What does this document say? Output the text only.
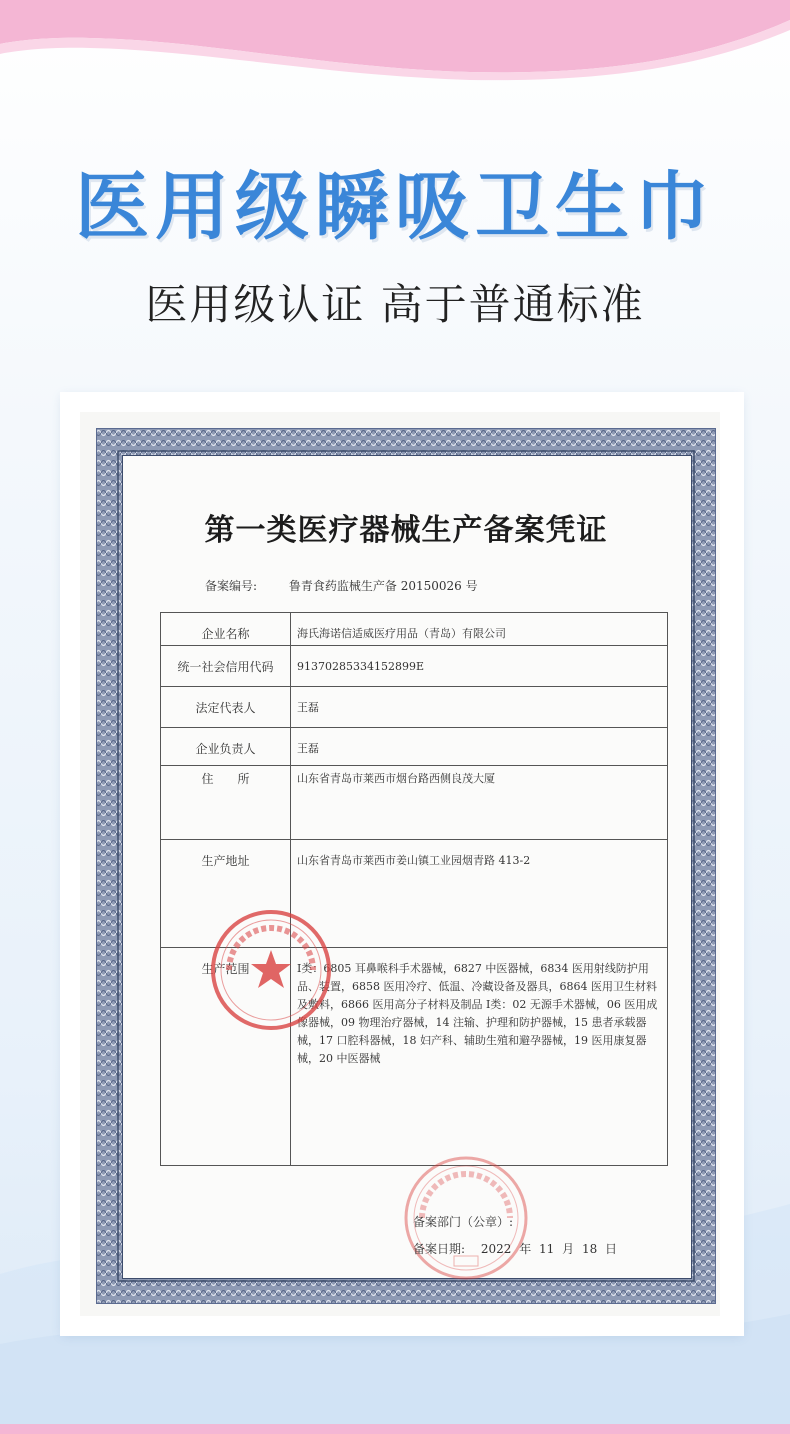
医用级瞬吸卫生巾

医用级认证 高于普通标准

第一类医疗器械生产备案凭证
备案编号:	鲁青食药监械生产备 20150026 号
企业名称	海氏海诺信适威医疗用品（青岛）有限公司
统一社会信用代码	91370285334152899E
法定代表人	王磊
企业负责人	王磊
住　　所	山东省青岛市莱西市烟台路西侧良茂大厦
生产地址	山东省青岛市莱西市姜山镇工业园烟青路 413-2
生产范围	Ⅰ类：6805 耳鼻喉科手术器械，6827 中医器械，6834 医用射线防护用品、装置，6858 医用冷疗、低温、冷藏设备及器具，6864 医用卫生材料及敷料，6866 医用高分子材料及制品 Ⅰ类：02 无源手术器械，06 医用成像器械，09 物理治疗器械，14 注输、护理和防护器械，15 患者承载器械，17 口腔科器械，18 妇产科、辅助生殖和避孕器械，19 医用康复器械，20 中医器械
备案部门（公章）:
备案日期: 2022 年 11 月 18 日
